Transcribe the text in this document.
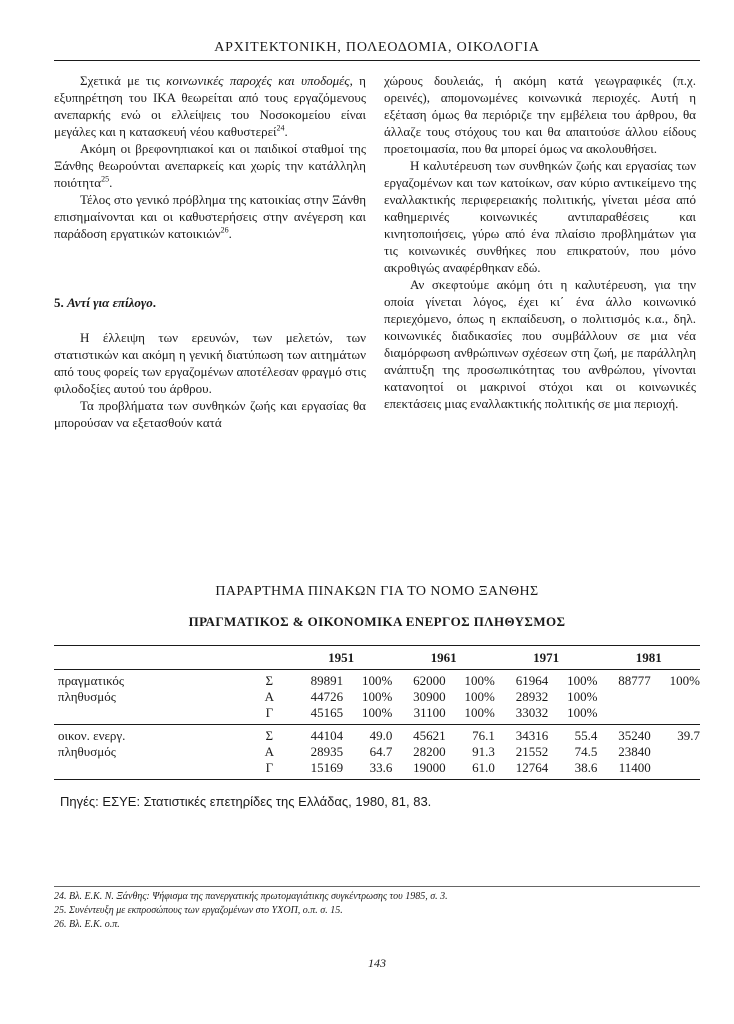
ΑΡΧΙΤΕΚΤΟΝΙΚΗ, ΠΟΛΕΟΔΟΜΙΑ, ΟΙΚΟΛΟΓΙΑ

Σχετικά με τις κοινωνικές παροχές και υποδομές, η εξυπηρέτηση του ΙΚΑ θεωρείται από τους εργαζόμενους ανεπαρκής ενώ οι ελλείψεις του Νοσοκομείου είναι μεγάλες και η κατασκευή νέου καθυστερεί$^{24}$.

Ακόμη οι βρεφονηπιακοί και οι παιδικοί σταθμοί της Ξάνθης θεωρούνται ανεπαρκείς και χωρίς την κατάλληλη ποιότητα$^{25}$.

Τέλος στο γενικό πρόβλημα της κατοικίας στην Ξάνθη επισημαίνονται και οι καθυστερήσεις στην ανέγερση και παράδοση εργατικών κατοικιών$^{26}$.

5. Αντί για επίλογο.

Η έλλειψη των ερευνών, των μελετών, των στατιστικών και ακόμη η γενική διατύπωση των αιτημάτων από τους φορείς των εργαζομένων αποτέλεσαν φραγμό στις φιλοδοξίες αυτού του άρθρου.

Τα προβλήματα των συνθηκών ζωής και εργασίας θα μπορούσαν να εξετασθούν κατά

χώρους δουλειάς, ή ακόμη κατά γεωγραφικές (π.χ. ορεινές), απομονωμένες κοινωνικά περιοχές. Αυτή η εξέταση όμως θα περιόριζε την εμβέλεια του άρθρου, θα άλλαζε τους στόχους του και θα απαιτούσε άλλου είδους προετοιμασία, που θα μπορεί όμως να ακολουθήσει.

Η καλυτέρευση των συνθηκών ζωής και εργασίας των εργαζομένων και των κατοίκων, σαν κύριο αντικείμενο της εναλλακτικής περιφερειακής πολιτικής, γίνεται μέσα από καθημερινές κοινωνικές αντιπαραθέσεις και κινητοποιήσεις, γύρω από ένα πλαίσιο προβλημάτων για τις κοινωνικές συνθήκες που επικρατούν, που μόνο ακροθιγώς αναφέρθηκαν εδώ.

Αν σκεφτούμε ακόμη ότι η καλυτέρευση, για την οποία γίνεται λόγος, έχει κι΄ ένα άλλο κοινωνικό περιεχόμενο, όπως η εκπαίδευση, ο πολιτισμός κ.α., δηλ. κοινωνικές διαδικασίες που συμβάλλουν σε μια νέα διαμόρφωση ανθρώπινων σχέσεων στη ζωή, με παράλληλη ανάπτυξη της προσωπικότητας του ανθρώπου, γίνονται κατανοητοί οι μακρινοί στόχοι και οι κοινωνικές επεκτάσεις μιας εναλλακτικής πολιτικής σε μια περιοχή.

ΠΑΡΑΡΤΗΜΑ ΠΙΝΑΚΩΝ ΓΙΑ ΤΟ ΝΟΜΟ ΞΑΝΘΗΣ
ΠΡΑΓΜΑΤΙΚΟΣ & ΟΙΚΟΝΟΜΙΚΑ ΕΝΕΡΓΟΣ ΠΛΗΘΥΣΜΟΣ
		1951		1961		1971		1981	
πραγματικός	Σ	89891	100%	62000	100%	61964	100%	88777	100%
πληθυσμός	Α	44726	100%	30900	100%	28932	100%		
	Γ	45165	100%	31100	100%	33032	100%		
οικον. ενεργ.	Σ	44104	49.0	45621	76.1	34316	55.4	35240	39.7
πληθυσμός	Α	28935	64.7	28200	91.3	21552	74.5	23840	
	Γ	15169	33.6	19000	61.0	12764	38.6	11400	
Πηγές: ΕΣΥΕ: Στατιστικές επετηρίδες της Ελλάδας, 1980, 81, 83.
24. Βλ. Ε.Κ. Ν. Ξάνθης: Ψήφισμα της πανεργατικής πρωτομαγιάτικης συγκέντρωσης του 1985, σ. 3.
25. Συνέντευξη με εκπροσώπους των εργαζομένων στο ΥΧΟΠ, ο.π. σ. 15.
26. Βλ. Ε.Κ. ο.π.
143
